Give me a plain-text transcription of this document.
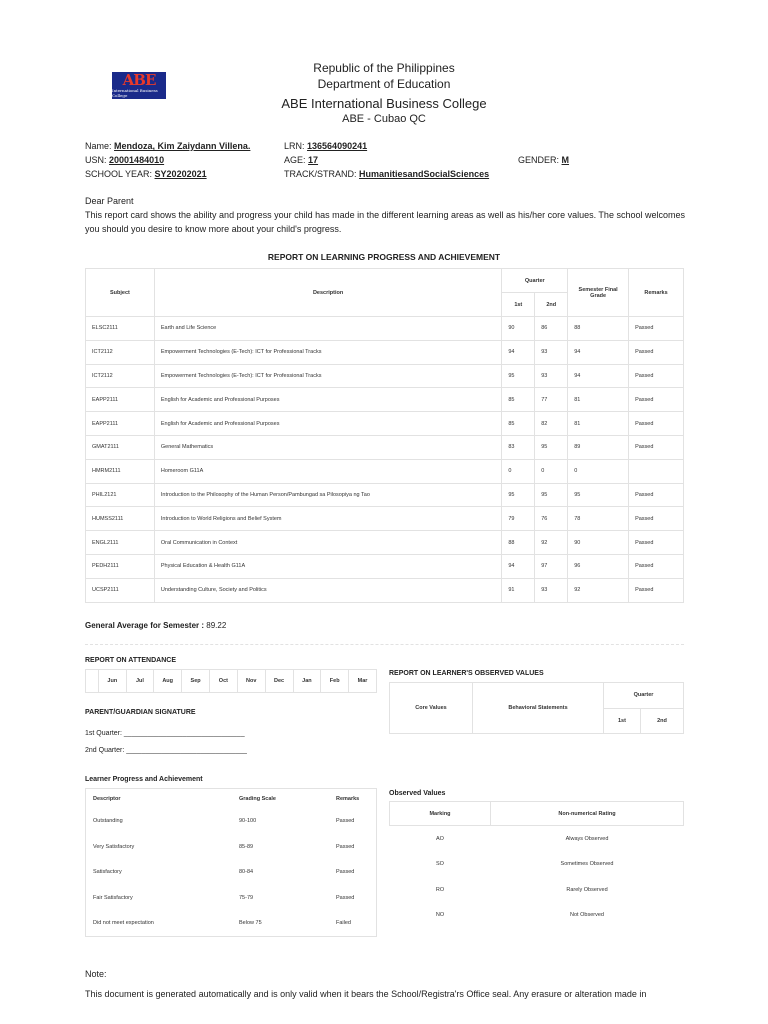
ABE
International Business College
Republic of the Philippines
Department of Education
ABE International Business College
ABE - Cubao QC
Name: Mendoza, Kim Zaiydann Villena.
USN: 20001484010
SCHOOL YEAR: SY20202021
LRN: 136564090241
AGE: 17
TRACK/STRAND: HumanitiesandSocialSciences
GENDER: M
Dear Parent
This report card shows the ability and progress your child has made in the different learning areas as well as his/her core values. The school welcomes you should you desire to know more about your child's progress.
REPORT ON LEARNING PROGRESS AND ACHIEVEMENT
Subject	Description	Quarter		Semester Final Grade	Remarks
		1st	2nd		
ELSC2111	Earth and Life Science	90	86	88	Passed
ICT2112	Empowerment Technologies (E-Tech): ICT for Professional Tracks	94	93	94	Passed
ICT2112	Empowerment Technologies (E-Tech): ICT for Professional Tracks	95	93	94	Passed
EAPP2111	English for Academic and Professional Purposes	85	77	81	Passed
EAPP2111	English for Academic and Professional Purposes	85	82	81	Passed
GMAT2111	General Mathematics	83	95	89	Passed
HMRM2111	Homeroom G11A	0	0	0	
PHIL2121	Introduction to the Philosophy of the Human Person/Pambungad sa Pilosopiya ng Tao	95	95	95	Passed
HUMSS2111	Introduction to World Religions and Belief System	79	76	78	Passed
ENGL2111	Oral Communication in Context	88	92	90	Passed
PEDH2111	Physical Education & Health G11A	94	97	96	Passed
UCSP2111	Understanding Culture, Society and Politics	91	93	92	Passed
General Average for Semester : 89.22
REPORT ON ATTENDANCE
	Jun	Jul	Aug	Sep	Oct	Nov	Dec	Jan	Feb	Mar
PARENT/GUARDIAN SIGNATURE
1st Quarter: _______________________________
2nd Quarter: _______________________________
REPORT ON LEARNER'S OBSERVED VALUES
Core Values	Behavioral Statements	Quarter	
		1st	2nd
Learner Progress and Achievement
Descriptor	Grading Scale	Remarks
Outstanding	90-100	Passed
Very Satisfactory	85-89	Passed
Satisfactory	80-84	Passed
Fair Satisfactory	75-79	Passed
Did not meet expectation	Below 75	Failed
Observed Values
Marking	Non-numerical Rating
AO	Always Observed
SO	Sometimes Observed
RO	Rarely Observed
NO	Not Observed
Note:
This document is generated automatically and is only valid when it bears the School/Registra'rs Office seal. Any erasure or alteration made in
